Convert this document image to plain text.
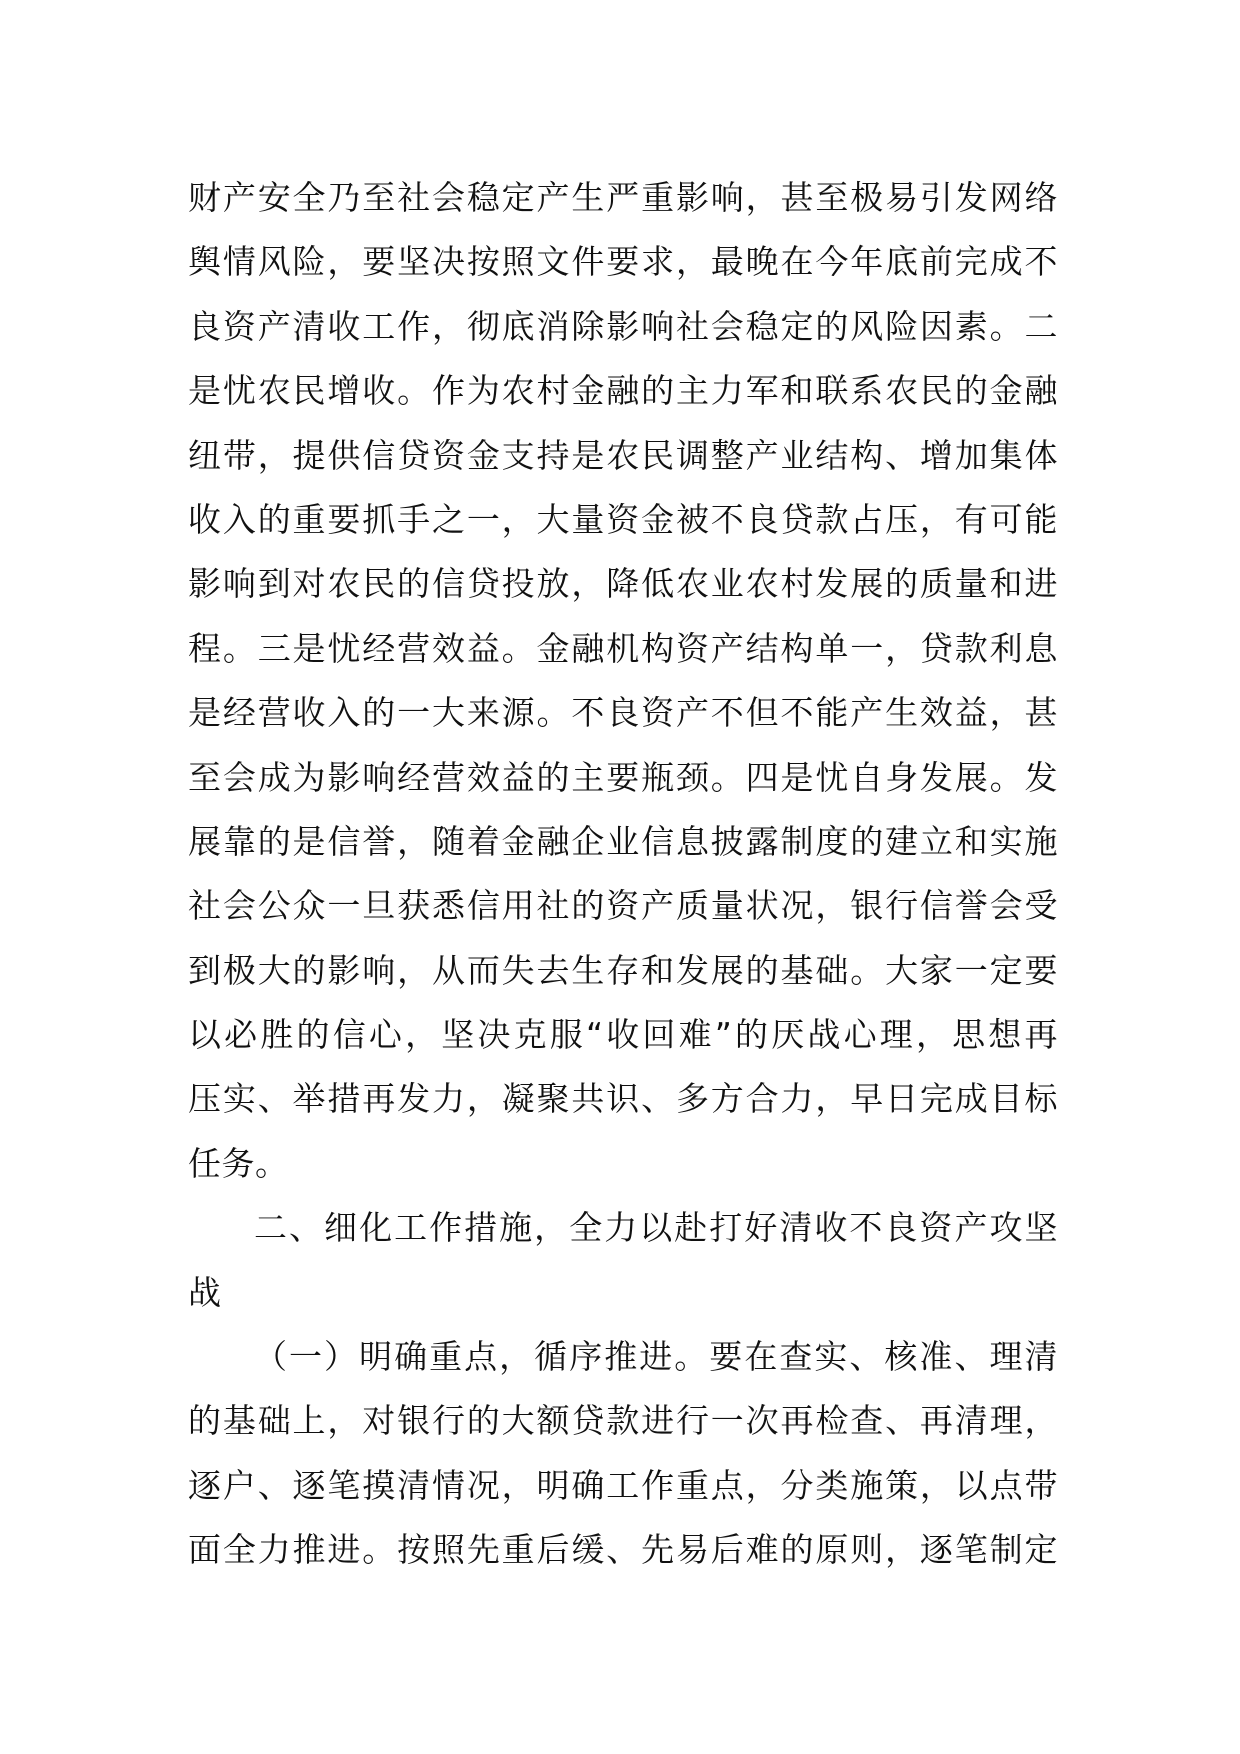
财产安全乃至社会稳定产生严重影响，甚至极易引发网络
舆情风险，要坚决按照文件要求，最晚在今年底前完成不
良资产清收工作，彻底消除影响社会稳定的风险因素。二
是忧农民增收。作为农村金融的主力军和联系农民的金融
纽带，提供信贷资金支持是农民调整产业结构、增加集体
收入的重要抓手之一，大量资金被不良贷款占压，有可能
影响到对农民的信贷投放，降低农业农村发展的质量和进
程。三是忧经营效益。金融机构资产结构单一，贷款利息
是经营收入的一大来源。不良资产不但不能产生效益，甚
至会成为影响经营效益的主要瓶颈。四是忧自身发展。发
展靠的是信誉，随着金融企业信息披露制度的建立和实施
社会公众一旦获悉信用社的资产质量状况，银行信誉会受
到极大的影响，从而失去生存和发展的基础。大家一定要
以必胜的信心，坚决克服“收回难”的厌战心理，思想再
压实、举措再发力，凝聚共识、多方合力，早日完成目标
任务。
二、细化工作措施，全力以赴打好清收不良资产攻坚
战
（一）明确重点，循序推进。要在查实、核准、理清
的基础上，对银行的大额贷款进行一次再检查、再清理，
逐户、逐笔摸清情况，明确工作重点，分类施策，以点带
面全力推进。按照先重后缓、先易后难的原则，逐笔制定
